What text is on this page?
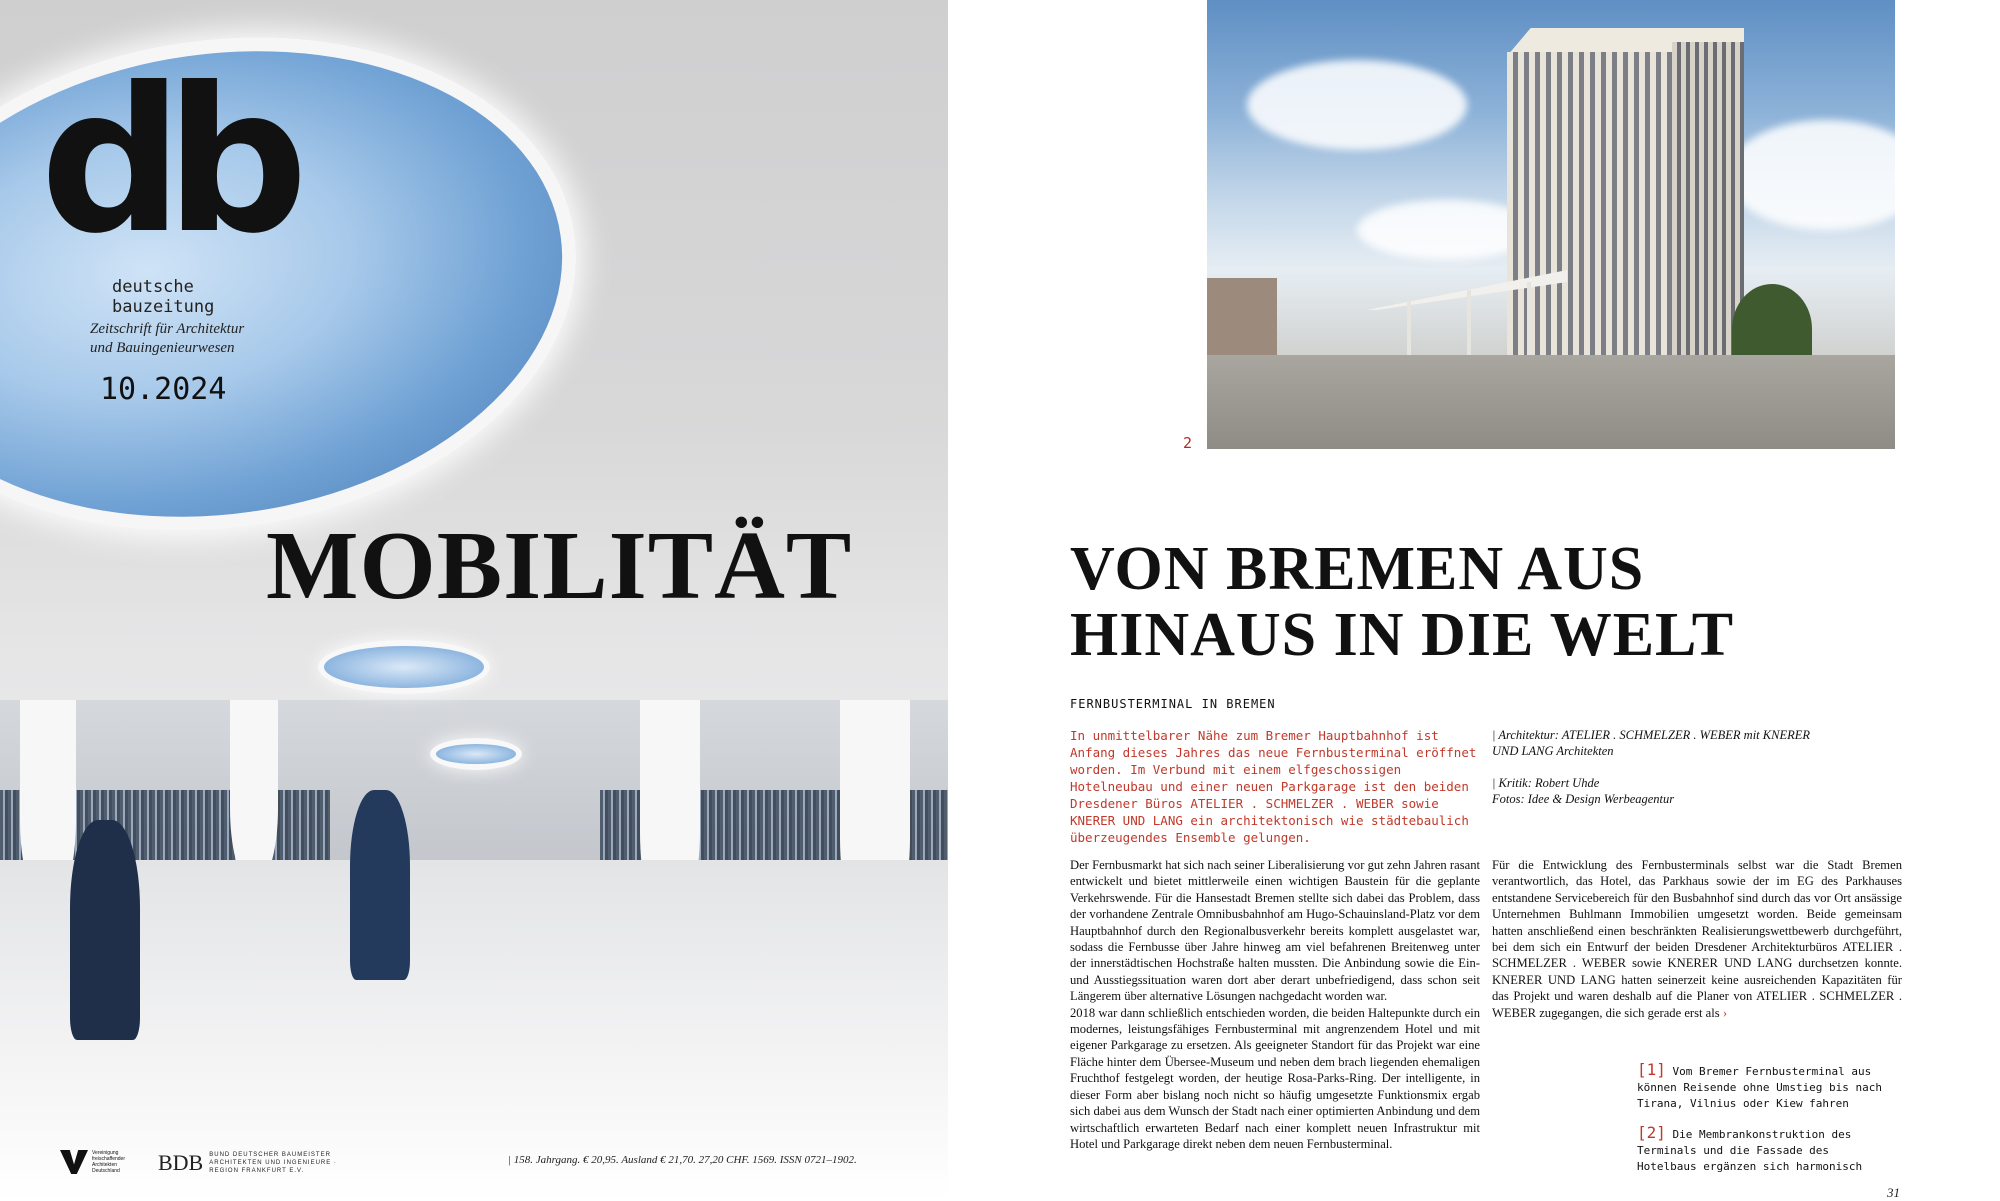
db
deutsche
bauzeitung
Zeitschrift für Architektur
und Bauingenieurwesen
10.2024
MOBILITÄT
Vereinigung freischaffender Architekten Deutschland	BDB BUND DEUTSCHER BAUMEISTER ARCHITEKTEN UND INGENIEURE · REGION FRANKFURT E.V.
| 158. Jahrgang. € 20,95. Ausland € 21,70. 27,20 CHF. 1569. ISSN 0721–1902.
2
VON BREMEN AUS
HINAUS IN DIE WELT
FERNBUSTERMINAL IN BREMEN
In unmittelbarer Nähe zum Bremer Hauptbahnhof ist Anfang dieses Jahres das neue Fernbusterminal eröffnet worden. Im Verbund mit einem elfgeschossigen Hotelneubau und einer neuen Parkgarage ist den beiden Dresdener Büros ATELIER . SCHMELZER . WEBER sowie KNERER UND LANG ein architektonisch wie städtebaulich überzeugendes Ensemble gelungen.

| Architektur: ATELIER . SCHMELZER . WEBER mit KNERER UND LANG Architekten

| Kritik: Robert Uhde
Fotos: Idee & Design Werbeagentur

Der Fernbusmarkt hat sich nach seiner Liberalisierung vor gut zehn Jahren rasant entwickelt und bietet mittlerweile einen wichtigen Baustein für die geplante Verkehrswende. Für die Hansestadt Bremen stellte sich dabei das Problem, dass der vorhandene Zentrale Omnibusbahnhof am Hugo-Schauinsland-Platz vor dem Hauptbahnhof durch den Regionalbusverkehr bereits komplett ausgelastet war, sodass die Fernbusse über Jahre hinweg am viel befahrenen Breitenweg unter der innerstädtischen Hochstraße halten mussten. Die Anbindung sowie die Ein- und Ausstiegssituation waren dort aber derart unbefriedigend, dass schon seit Längerem über alternative Lösungen nachgedacht worden war.

2018 war dann schließlich entschieden worden, die beiden Haltepunkte durch ein modernes, leistungsfähiges Fernbusterminal mit angrenzendem Hotel und mit eigener Parkgarage zu ersetzen. Als geeigneter Standort für das Projekt war eine Fläche hinter dem Übersee-Museum und neben dem brach liegenden ehemaligen Fruchthof festgelegt worden, der heutige Rosa-Parks-Ring. Der intelligente, in dieser Form aber bislang noch nicht so häufig umgesetzte Funktionsmix ergab sich dabei aus dem Wunsch der Stadt nach einer optimierten Anbindung und dem wirtschaftlich erwarteten Bedarf nach einer komplett neuen Infrastruktur mit Hotel und Parkgarage direkt neben dem neuen Fernbusterminal.

Für die Entwicklung des Fernbusterminals selbst war die Stadt Bremen verantwortlich, das Hotel, das Parkhaus sowie der im EG des Parkhauses entstandene Servicebereich für den Busbahnhof sind durch das vor Ort ansässige Unternehmen Buhlmann Immobilien umgesetzt worden. Beide gemeinsam hatten anschließend einen beschränkten Realisierungswettbewerb durchgeführt, bei dem sich ein Entwurf der beiden Dresdener Architekturbüros ATELIER . SCHMELZER . WEBER sowie KNERER UND LANG durchsetzen konnte. KNERER UND LANG hatten seinerzeit keine ausreichenden Kapazitäten für das Projekt und waren deshalb auf die Planer von ATELIER . SCHMELZER . WEBER zugegangen, die sich gerade erst als ›

[1] Vom Bremer Fernbusterminal aus können Reisende ohne Umstieg bis nach Tirana, Vilnius oder Kiew fahren
[2] Die Membrankonstruktion des Terminals und die Fassade des Hotelbaus ergänzen sich harmonisch
31
